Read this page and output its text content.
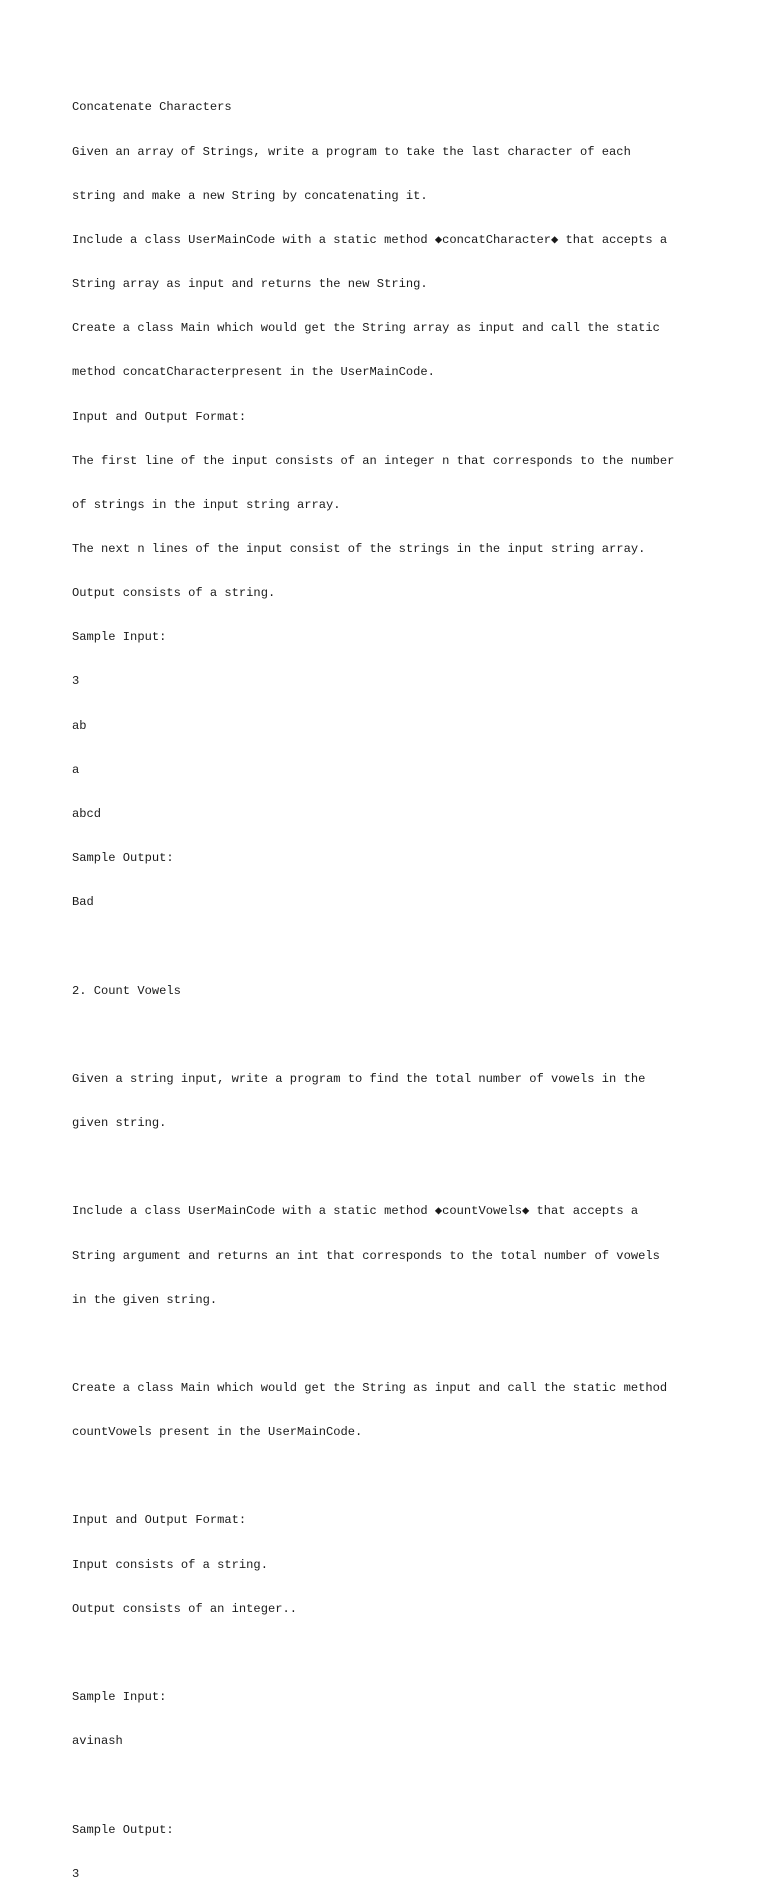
Concatenate Characters

Given an array of Strings, write a program to take the last character of each

string and make a new String by concatenating it.

Include a class UserMainCode with a static method ◆concatCharacter◆ that accepts a

String array as input and returns the new String.

Create a class Main which would get the String array as input and call the static

method concatCharacterpresent in the UserMainCode.

Input and Output Format:

The first line of the input consists of an integer n that corresponds to the number

of strings in the input string array.

The next n lines of the input consist of the strings in the input string array.

Output consists of a string.

Sample Input:

3

ab

a

abcd

Sample Output:

Bad

2. Count Vowels

Given a string input, write a program to find the total number of vowels in the

given string.

Include a class UserMainCode with a static method ◆countVowels◆ that accepts a

String argument and returns an int that corresponds to the total number of vowels

in the given string.

Create a class Main which would get the String as input and call the static method

countVowels present in the UserMainCode.

Input and Output Format:

Input consists of a string.

Output consists of an integer..

Sample Input:

avinash

Sample Output:

3
